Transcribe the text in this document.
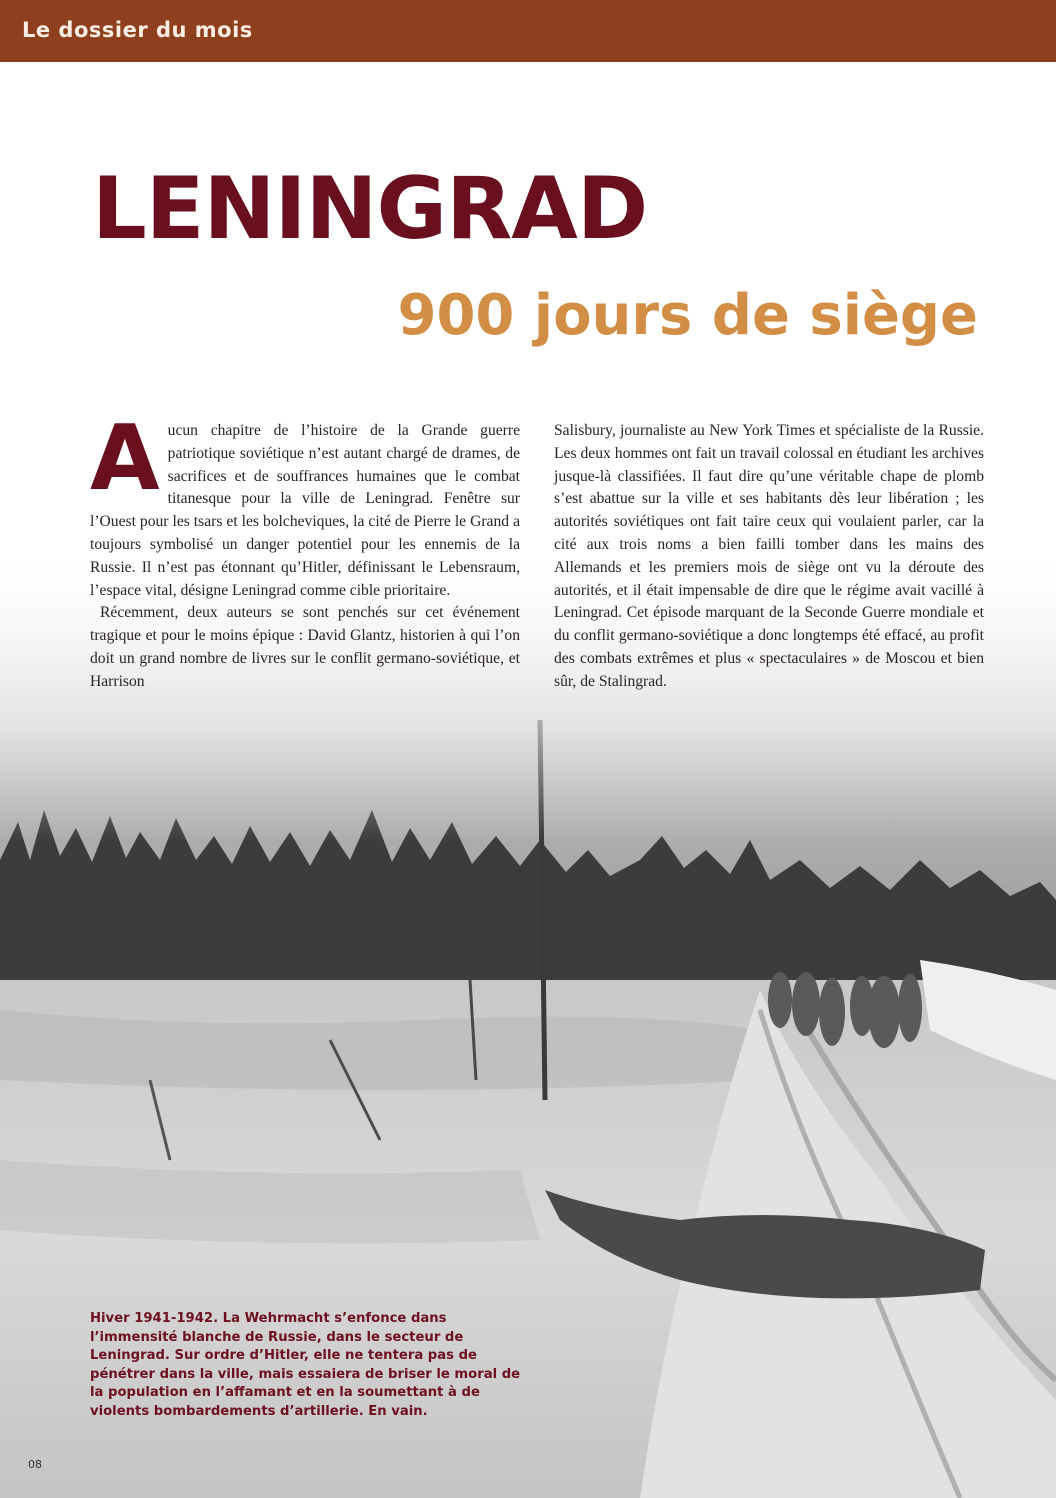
Le dossier du mois
LENINGRAD
900 jours de siège

Aucun chapitre de l’histoire de la Grande guerre patriotique soviétique n’est autant chargé de drames, de sacrifices et de souffrances humaines que le combat titanesque pour la ville de Leningrad. Fenêtre sur l’Ouest pour les tsars et les bolcheviques, la cité de Pierre le Grand a toujours symbolisé un danger potentiel pour les ennemis de la Russie. Il n’est pas étonnant qu’Hitler, définissant le Lebensraum, l’espace vital, désigne Leningrad comme cible prioritaire.

Récemment, deux auteurs se sont penchés sur cet événement tragique et pour le moins épique : David Glantz, historien à qui l’on doit un grand nombre de livres sur le conflit germano-soviétique, et Harrison

Salisbury, journaliste au New York Times et spécialiste de la Russie. Les deux hommes ont fait un travail colossal en étudiant les archives jusque-là classifiées. Il faut dire qu’une véritable chape de plomb s’est abattue sur la ville et ses habitants dès leur libération ; les autorités soviétiques ont fait taire ceux qui voulaient parler, car la cité aux trois noms a bien failli tomber dans les mains des Allemands et les premiers mois de siège ont vu la déroute des autorités, et il était impensable de dire que le régime avait vacillé à Leningrad. Cet épisode marquant de la Seconde Guerre mondiale et du conflit germano-soviétique a donc longtemps été effacé, au profit des combats extrêmes et plus « spectaculaires » de Moscou et bien sûr, de Stalingrad.

Hiver 1941-1942. La Wehrmacht s’enfonce dans l’immensité blanche de Russie, dans le secteur de Leningrad. Sur ordre d’Hitler, elle ne tentera pas de pénétrer dans la ville, mais essaiera de briser le moral de la population en l’affamant et en la soumettant à de violents bombardements d’artillerie. En vain.
08
